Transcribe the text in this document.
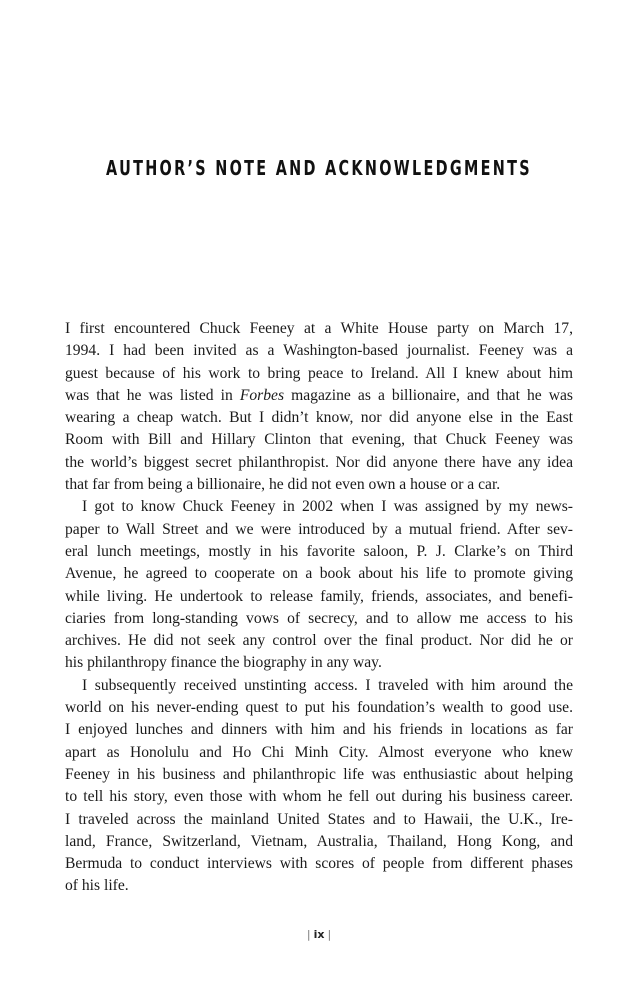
AUTHOR’S NOTE AND ACKNOWLEDGMENTS

I first encountered Chuck Feeney at a White House party on March 17,
1994. I had been invited as a Washington-based journalist. Feeney was a
guest because of his work to bring peace to Ireland. All I knew about him
was that he was listed in Forbes magazine as a billionaire, and that he was
wearing a cheap watch. But I didn’t know, nor did anyone else in the East
Room with Bill and Hillary Clinton that evening, that Chuck Feeney was
the world’s biggest secret philanthropist. Nor did anyone there have any idea
that far from being a billionaire, he did not even own a house or a car.

I got to know Chuck Feeney in 2002 when I was assigned by my news-
paper to Wall Street and we were introduced by a mutual friend. After sev-
eral lunch meetings, mostly in his favorite saloon, P. J. Clarke’s on Third
Avenue, he agreed to cooperate on a book about his life to promote giving
while living. He undertook to release family, friends, associates, and benefi-
ciaries from long-standing vows of secrecy, and to allow me access to his
archives. He did not seek any control over the final product. Nor did he or
his philanthropy finance the biography in any way.

I subsequently received unstinting access. I traveled with him around the
world on his never-ending quest to put his foundation’s wealth to good use.
I enjoyed lunches and dinners with him and his friends in locations as far
apart as Honolulu and Ho Chi Minh City. Almost everyone who knew
Feeney in his business and philanthropic life was enthusiastic about helping
to tell his story, even those with whom he fell out during his business career.
I traveled across the mainland United States and to Hawaii, the U.K., Ire-
land, France, Switzerland, Vietnam, Australia, Thailand, Hong Kong, and
Bermuda to conduct interviews with scores of people from different phases
of his life.

| ix |
